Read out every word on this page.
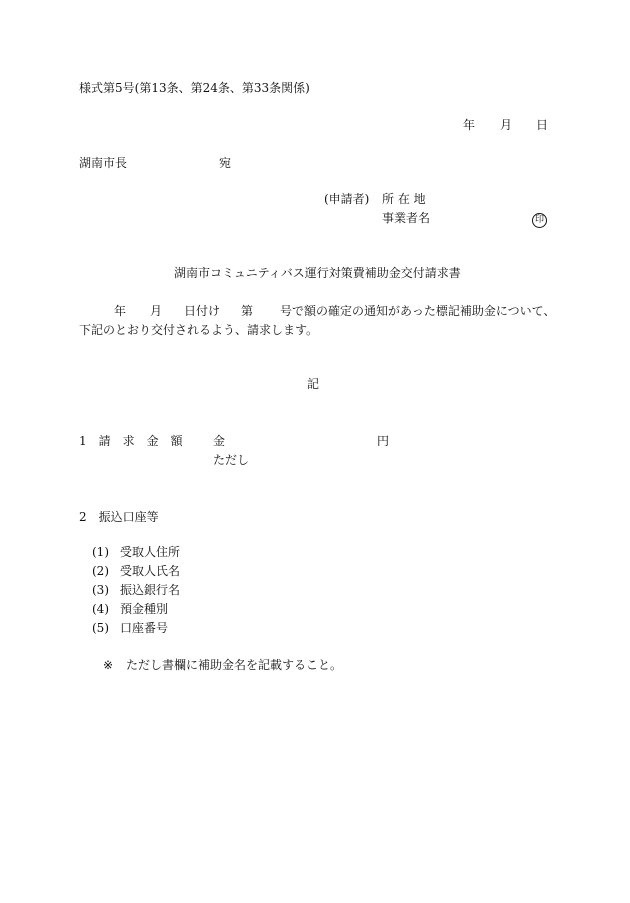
様式第5号(第13条、第24条、第33条関係)
年 月 日
湖南市長	宛
(申請者) 所 在 地
事業者名	印
湖南市コミュニティバス運行対策費補助金交付請求書
年 月 日付け 第 号で額の確定の通知があった標記補助金について、
下記のとおり交付されるよう、請求します。
記
1　請　求　金　額	金	円
ただし
2　振込口座等
(1) 受取人住所
(2) 受取人氏名
(3) 振込銀行名
(4) 預金種別
(5) 口座番号
※ ただし書欄に補助金名を記載すること。
